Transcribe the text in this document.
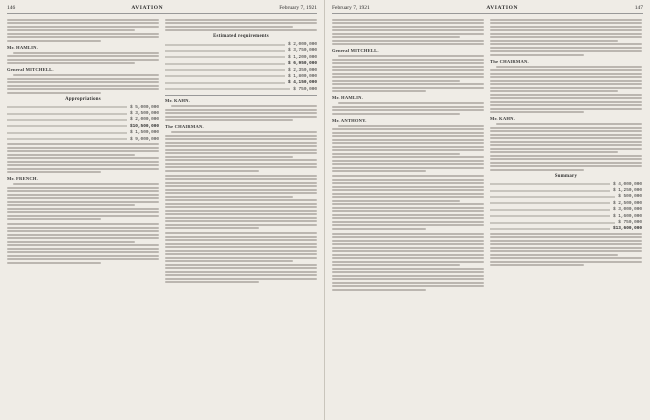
146	AVIATION	February 7, 1921
Mr. HAMLIN.
General MITCHELL.
Appropriations
$ 5,000,000
$ 3,500,000
$ 2,000,000
$10,500,000
$ 1,500,000
$ 9,000,000
Mr. FRENCH.
Estimated requirements
$ 2,000,000
$ 3,750,000
$ 1,200,000
$ 6,950,000
$ 2,350,000
$ 1,800,000
$ 4,150,000
$ 750,000
Mr. KAHN.
The CHAIRMAN.
February 7, 1921	AVIATION	147
General MITCHELL.
Mr. HAMLIN.
Mr. ANTHONY.
The CHAIRMAN.
Mr. KAHN.
Summary
$ 4,000,000
$ 1,250,000
$ 500,000
$ 2,500,000
$ 3,000,000
$ 1,600,000
$ 750,000
$13,600,000
